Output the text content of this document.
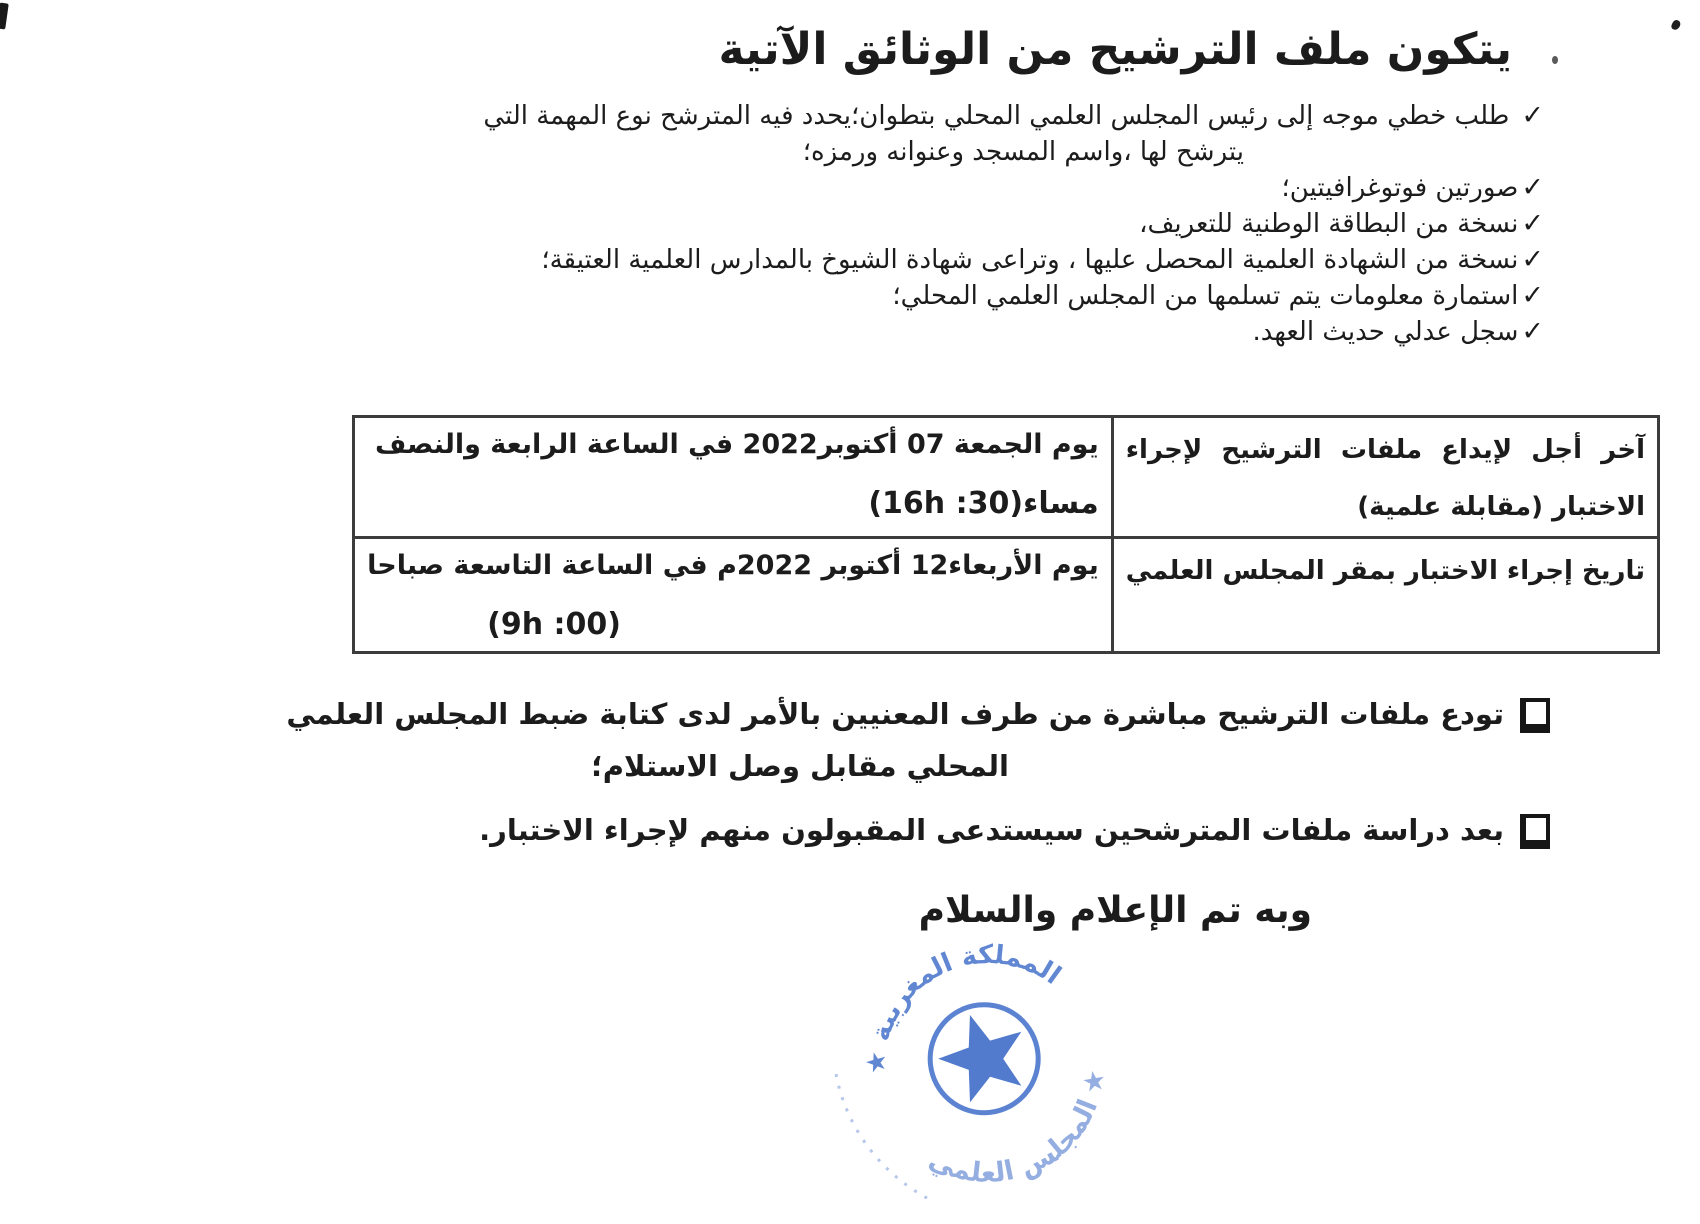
يتكون ملف الترشيح من الوثائق الآتية
✓طلب خطي موجه إلى رئيس المجلس العلمي المحلي بتطوان؛يحدد فيه المترشح نوع المهمة التي
يترشح لها ،واسم المسجد وعنوانه ورمزه؛
✓صورتين فوتوغرافيتين؛
✓نسخة من البطاقة الوطنية للتعريف،
✓نسخة من الشهادة العلمية المحصل عليها ، وتراعى شهادة الشيوخ بالمدارس العلمية العتيقة؛
✓استمارة معلومات يتم تسلمها من المجلس العلمي المحلي؛
✓سجل عدلي حديث العهد.
آخر أجل لإيداع ملفات الترشيح لإجراء الاختبار (مقابلة علمية)	يوم الجمعة 07 أكتوبر2022 في الساعة الرابعة والنصف
مساء(16h :30)

تاريخ إجراء الاختبار بمقر المجلس العلمي	يوم الأربعاء12 أكتوبر 2022م في الساعة التاسعة صباحا
(9h :00)
تودع ملفات الترشيح مباشرة من طرف المعنيين بالأمر لدى كتابة ضبط المجلس العلمي
المحلي مقابل وصل الاستلام؛
بعد دراسة ملفات المترشحين سيستدعى المقبولون منهم لإجراء الاختبار.
وبه تم الإعلام والسلام
المملكة المغربية ★
★ المجلس العلمي
